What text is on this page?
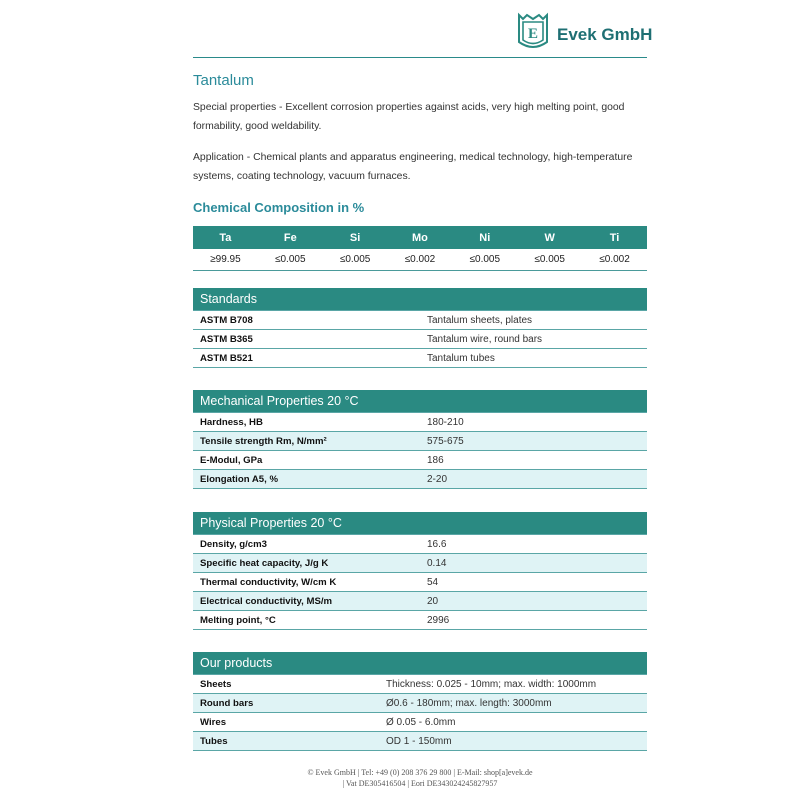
E Evek GmbH
Tantalum
Special properties - Excellent corrosion properties against acids, very high melting point, good formability, good weldability.
Application - Chemical plants and apparatus engineering, medical technology, high-temperature systems, coating technology, vacuum furnaces.
Chemical Composition in %
Ta	Fe	Si	Mo	Ni	W	Ti
≥99.95	≤0.005	≤0.005	≤0.002	≤0.005	≤0.005	≤0.002
Standards	
ASTM B708	Tantalum sheets, plates
ASTM B365	Tantalum wire, round bars
ASTM B521	Tantalum tubes
Mechanical Properties 20 °C	
Hardness, HB	180-210
Tensile strength Rm, N/mm²	575-675
E-Modul, GPa	186
Elongation A5, %	2-20
Physical Properties 20 °C	
Density, g/cm3	16.6
Specific heat capacity, J/g K	0.14
Thermal conductivity, W/cm K	54
Electrical conductivity, MS/m	20
Melting point, °C	2996
Our products	
Sheets	Thickness: 0.025 - 10mm; max. width: 1000mm
Round bars	Ø0.6 - 180mm; max. length: 3000mm
Wires	Ø 0.05 - 6.0mm
Tubes	OD 1 - 150mm
© Evek GmbH | Tel: +49 (0) 208 376 29 800 | E-Mail: shop[a]evek.de
| Vat DE305416504 | Eori DE343024245827957
